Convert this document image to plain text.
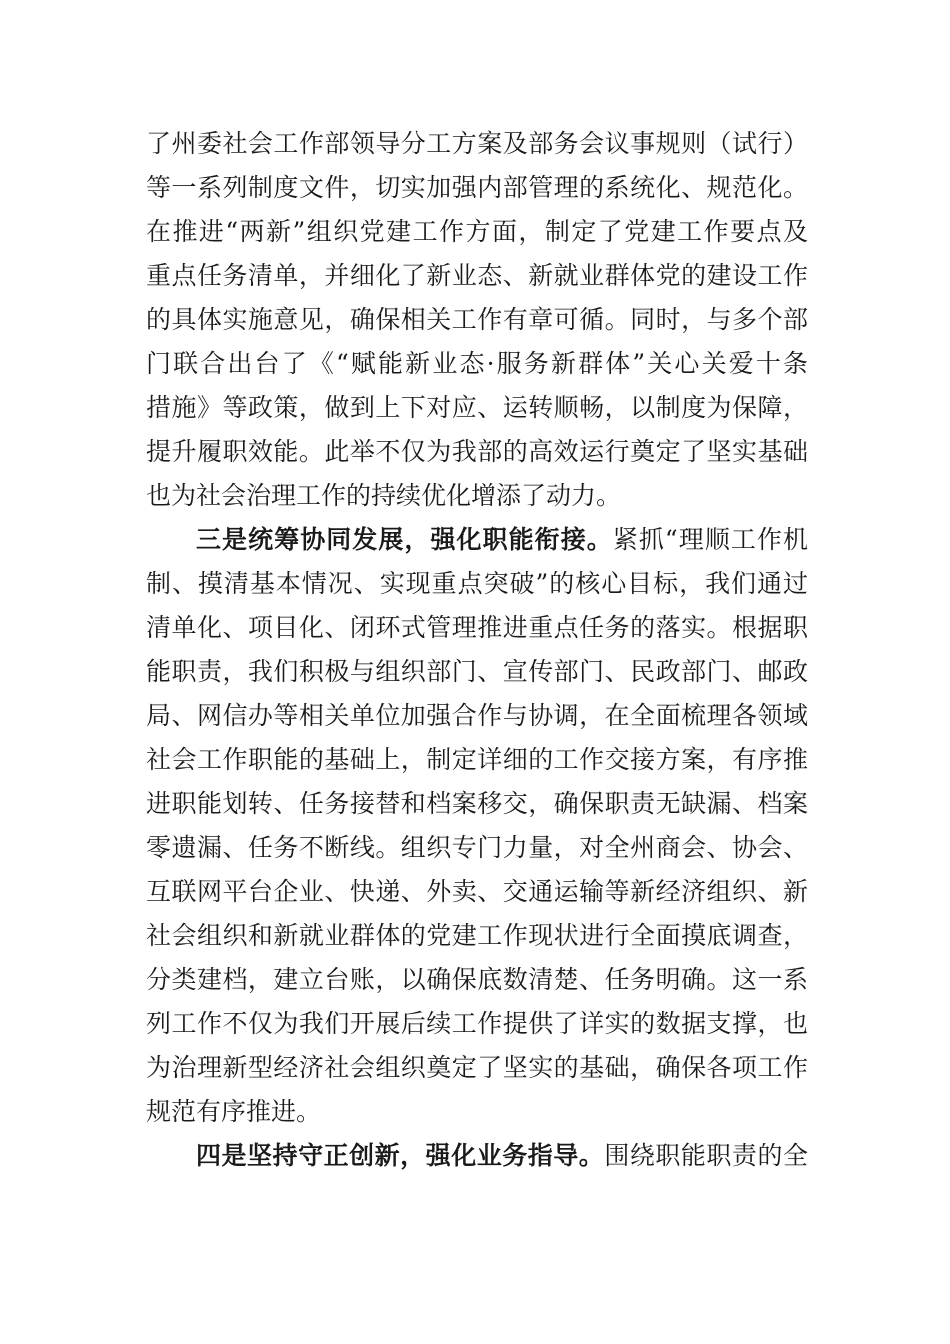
了州委社会工作部领导分工方案及部务会议事规则（试行）
等一系列制度文件，切实加强内部管理的系统化、规范化。
在推进“两新”组织党建工作方面，制定了党建工作要点及
重点任务清单，并细化了新业态、新就业群体党的建设工作
的具体实施意见，确保相关工作有章可循。同时，与多个部
门联合出台了《“赋能新业态·服务新群体”关心关爱十条
措施》等政策，做到上下对应、运转顺畅，以制度为保障，
提升履职效能。此举不仅为我部的高效运行奠定了坚实基础
也为社会治理工作的持续优化增添了动力。
三是统筹协同发展，强化职能衔接。紧抓“理顺工作机
制、摸清基本情况、实现重点突破”的核心目标，我们通过
清单化、项目化、闭环式管理推进重点任务的落实。根据职
能职责，我们积极与组织部门、宣传部门、民政部门、邮政
局、网信办等相关单位加强合作与协调，在全面梳理各领域
社会工作职能的基础上，制定详细的工作交接方案，有序推
进职能划转、任务接替和档案移交，确保职责无缺漏、档案
零遗漏、任务不断线。组织专门力量，对全州商会、协会、
互联网平台企业、快递、外卖、交通运输等新经济组织、新
社会组织和新就业群体的党建工作现状进行全面摸底调查，
分类建档，建立台账，以确保底数清楚、任务明确。这一系
列工作不仅为我们开展后续工作提供了详实的数据支撑，也
为治理新型经济社会组织奠定了坚实的基础，确保各项工作
规范有序推进。
四是坚持守正创新，强化业务指导。围绕职能职责的全
